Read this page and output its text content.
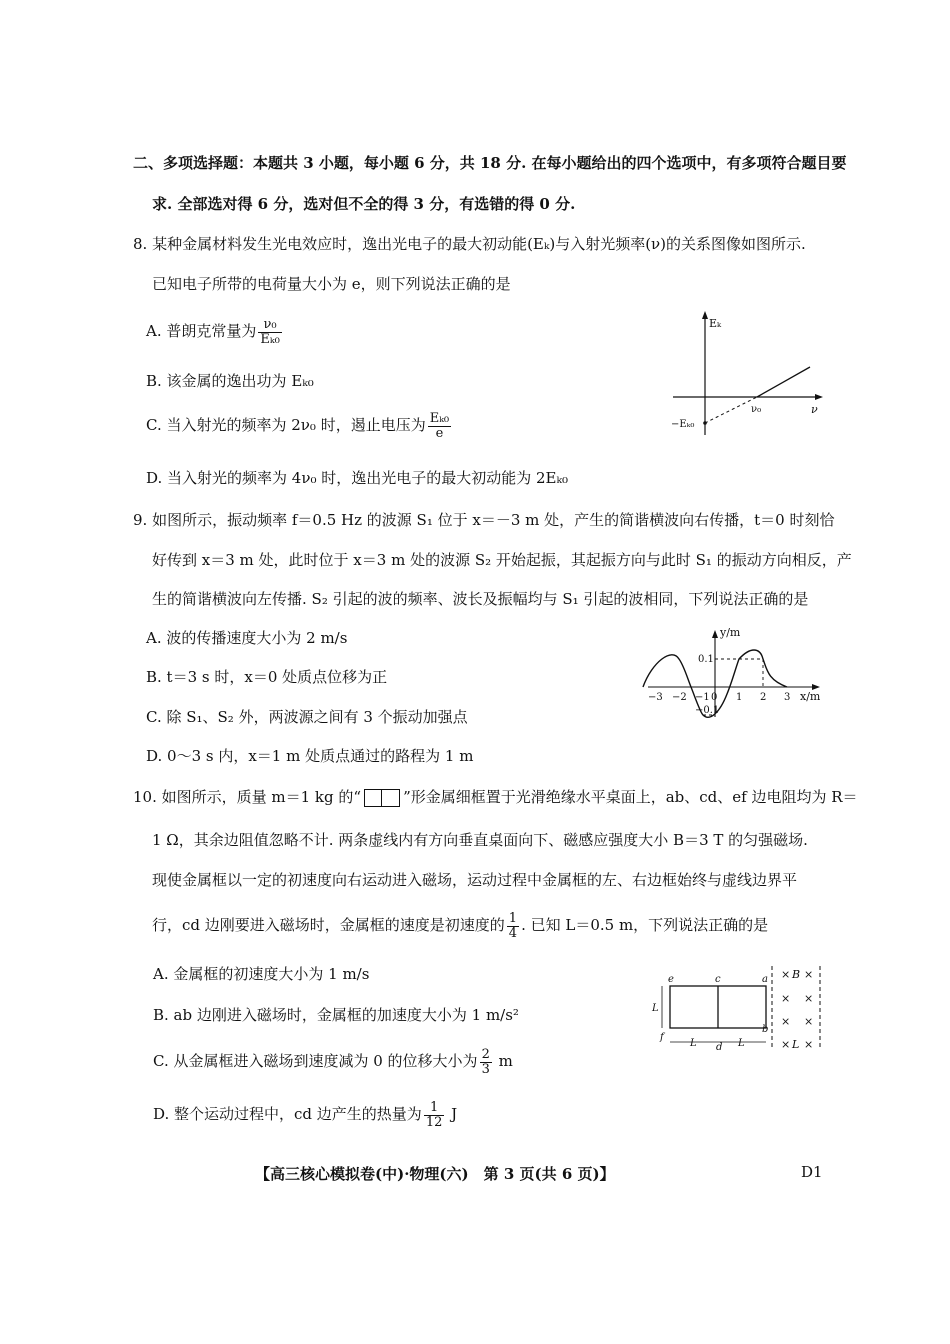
二、多项选择题：本题共 3 小题，每小题 6 分，共 18 分. 在每小题给出的四个选项中，有多项符合题目要
求. 全部选对得 6 分，选对但不全的得 3 分，有选错的得 0 分.
8. 某种金属材料发生光电效应时，逸出光电子的最大初动能(Eₖ)与入射光频率(ν)的关系图像如图所示.
已知电子所带的电荷量大小为 e，则下列说法正确的是
A. 普朗克常量为 $\frac{\text{ν₀}}{\text{Eₖ₀}}$
B. 该金属的逸出功为 Eₖ₀
C. 当入射光的频率为 2ν₀ 时，遏止电压为 $\frac{\text{Eₖ₀}}{e}$
D. 当入射光的频率为 4ν₀ 时，逸出光电子的最大初动能为 2Eₖ₀
Eₖ
ν
ν₀
−Eₖ₀
9. 如图所示，振动频率 f＝0.5 Hz 的波源 S₁ 位于 x＝－3 m 处，产生的简谐横波向右传播，t＝0 时刻恰
好传到 x＝3 m 处，此时位于 x＝3 m 处的波源 S₂ 开始起振，其起振方向与此时 S₁ 的振动方向相反，产
生的简谐横波向左传播. S₂ 引起的波的频率、波长及振幅均与 S₁ 引起的波相同，下列说法正确的是
A. 波的传播速度大小为 2 m/s
B. t＝3 s 时，x＝0 处质点位移为正
C. 除 S₁、S₂ 外，两波源之间有 3 个振动加强点
D. 0～3 s 内，x＝1 m 处质点通过的路程为 1 m
y/m
x/m
0.1
−0.1
−3 −2 −1 0 1 2 3
10. 如图所示，质量 m＝1 kg 的“	”形金属细框置于光滑绝缘水平桌面上，ab、cd、ef 边电阻均为 R＝
1 Ω，其余边阻值忽略不计. 两条虚线内有方向垂直桌面向下、磁感应强度大小 B＝3 T 的匀强磁场.
现使金属框以一定的初速度向右运动进入磁场，运动过程中金属框的左、右边框始终与虚线边界平
行，cd 边刚要进入磁场时，金属框的速度是初速度的 $\frac{1}{4}$ . 已知 L＝0.5 m，下列说法正确的是
A. 金属框的初速度大小为 1 m/s
B. ab 边刚进入磁场时，金属框的加速度大小为 1 m/s²
C. 从金属框进入磁场到速度减为 0 的位移大小为 $\frac{2}{3}$ m
D. 整个运动过程中，cd 边产生的热量为 $\frac{1}{12}$ J
× B ×
× ×
× ×
× L ×
e	c	a
f
d
b
L
L	L
【高三核心模拟卷(中)·物理(六)　第 3 页(共 6 页)】	D1
